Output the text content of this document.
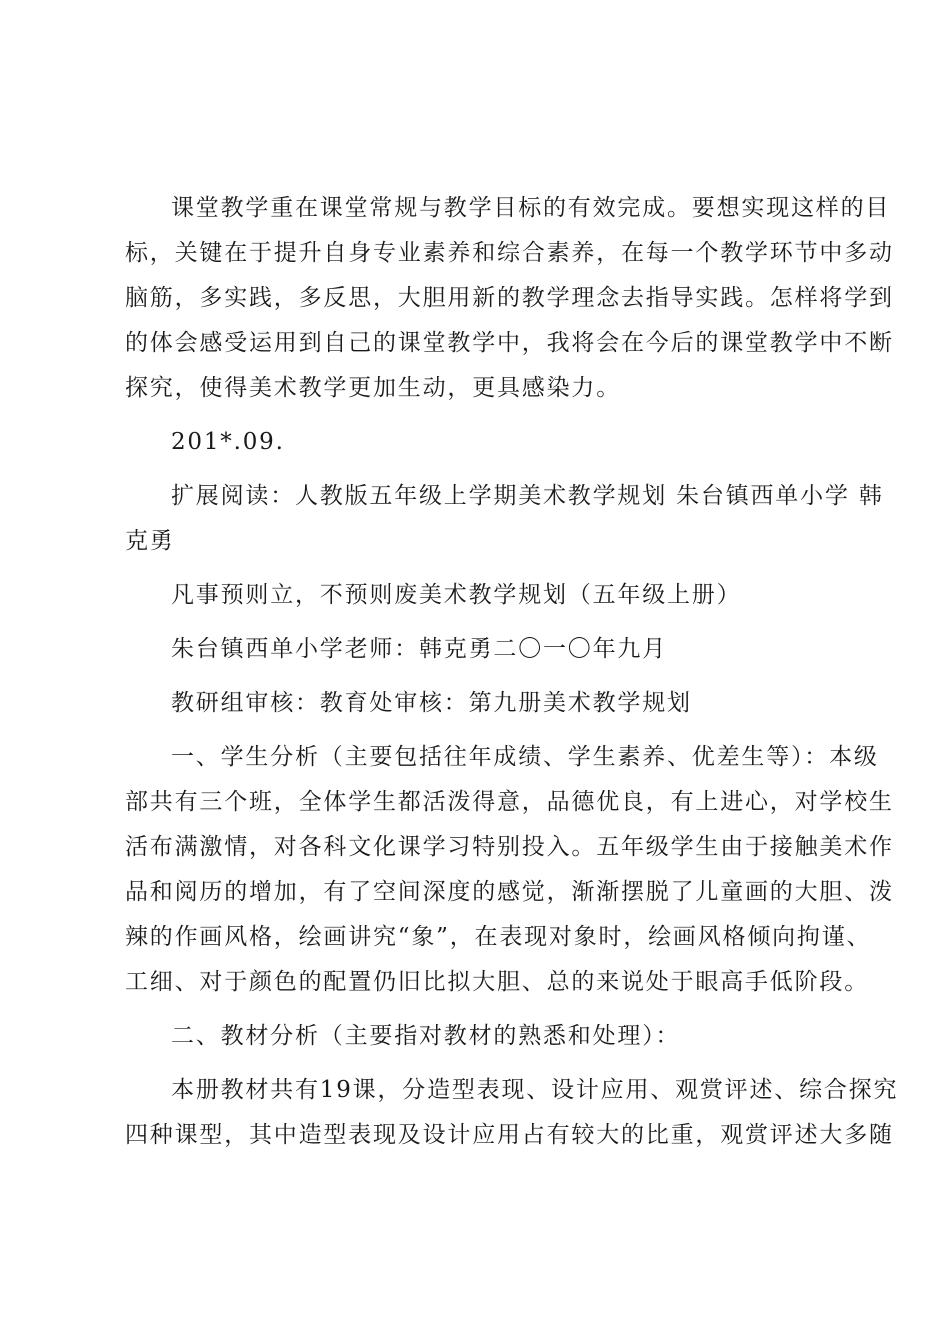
课堂教学重在课堂常规与教学目标的有效完成。要想实现这样的目
标，关键在于提升自身专业素养和综合素养，在每一个教学环节中多动
脑筋，多实践，多反思，大胆用新的教学理念去指导实践。怎样将学到
的体会感受运用到自己的课堂教学中，我将会在今后的课堂教学中不断
探究，使得美术教学更加生动，更具感染力。

201*.09.

扩展阅读：人教版五年级上学期美术教学规划 朱台镇西单小学 韩
克勇

凡事预则立，不预则废美术教学规划（五年级上册）

朱台镇西单小学老师：韩克勇二〇一〇年九月

教研组审核：教育处审核：第九册美术教学规划

一、学生分析（主要包括往年成绩、学生素养、优差生等）：本级
部共有三个班，全体学生都活泼得意，品德优良，有上进心，对学校生
活布满激情，对各科文化课学习特别投入。五年级学生由于接触美术作
品和阅历的增加，有了空间深度的感觉，渐渐摆脱了儿童画的大胆、泼
辣的作画风格，绘画讲究“象”，在表现对象时，绘画风格倾向拘谨、
工细、对于颜色的配置仍旧比拟大胆、总的来说处于眼高手低阶段。

二、教材分析（主要指对教材的熟悉和处理）：

本册教材共有19课，分造型表现、设计应用、观赏评述、综合探究
四种课型，其中造型表现及设计应用占有较大的比重，观赏评述大多随
